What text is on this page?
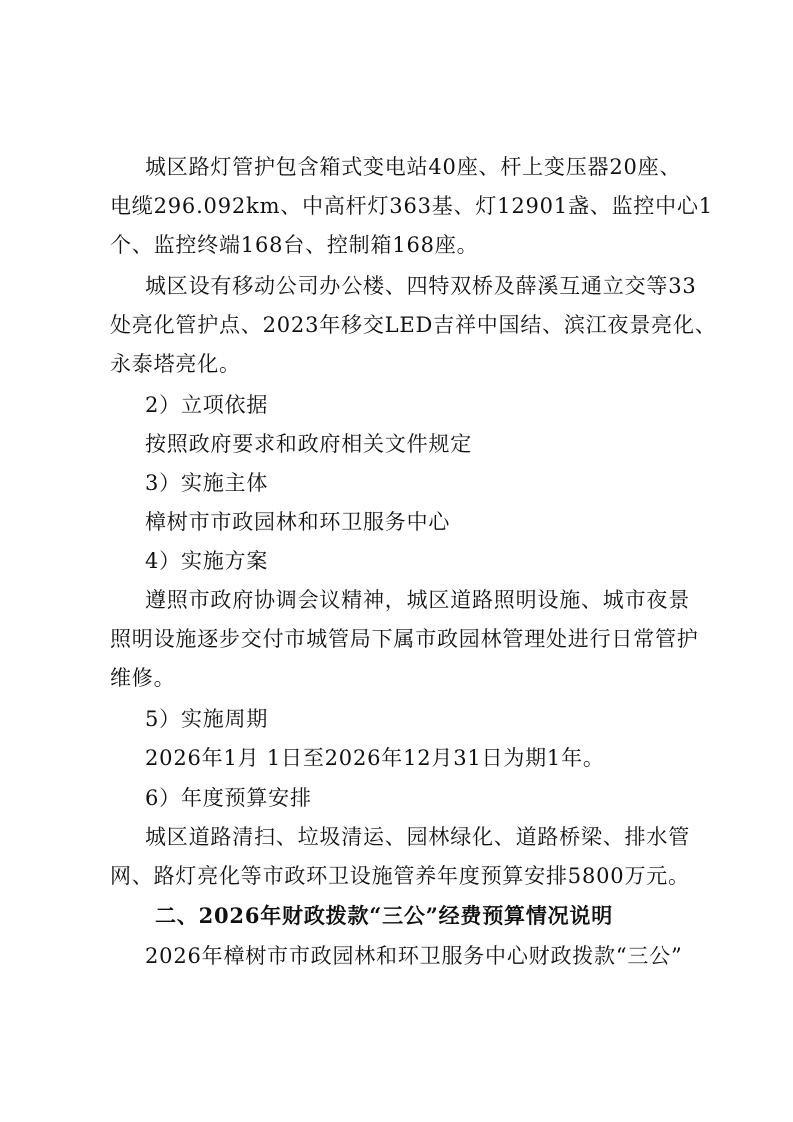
城区路灯管护包含箱式变电站40座、杆上变压器20座、
电缆296.092km、中高杆灯363基、灯12901盏、监控中心1
个、监控终端168台、控制箱168座。
城区设有移动公司办公楼、四特双桥及薛溪互通立交等33
处亮化管护点、2023年移交LED吉祥中国结、滨江夜景亮化、
永泰塔亮化。
2）立项依据
按照政府要求和政府相关文件规定
3）实施主体
樟树市市政园林和环卫服务中心
4）实施方案
遵照市政府协调会议精神，城区道路照明设施、城市夜景
照明设施逐步交付市城管局下属市政园林管理处进行日常管护
维修。
5）实施周期
2026年1月 1日至2026年12月31日为期1年。
6）年度预算安排
城区道路清扫、垃圾清运、园林绿化、道路桥梁、排水管
网、路灯亮化等市政环卫设施管养年度预算安排5800万元。
二、2026年财政拨款“三公”经费预算情况说明
2026年樟树市市政园林和环卫服务中心财政拨款“三公”
